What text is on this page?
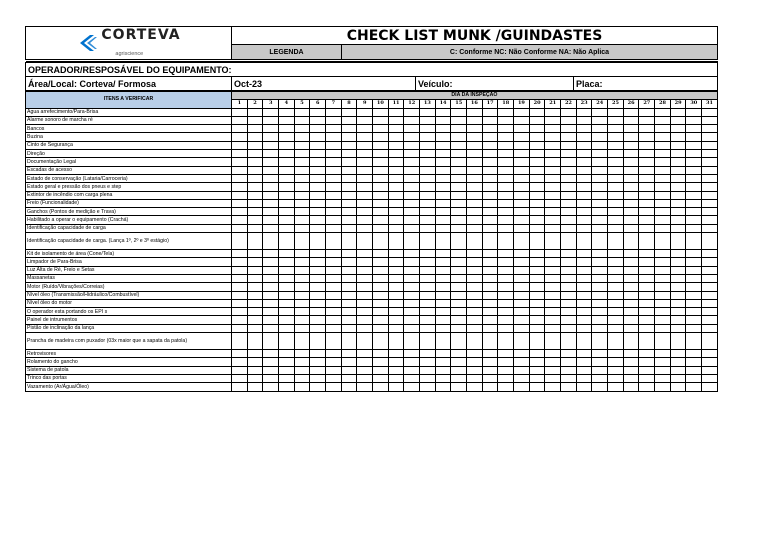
CORTEVA
agriscience	CHECK LIST MUNK /GUINDASTES	
	LEGENDA	C: Conforme NC: Não Conforme NA: Não Aplica

OPERADOR/RESPOSÁVEL DO EQUIPAMENTO:
Área/Local: Corteva/ Formosa	Oct-23	Veículo:	Placa:
ITENS A VERIFICAR	DIA DA INSPEÇÃO																														
	1	2	3	4	5	6	7	8	9	10	11	12	13	14	15	16	17	18	19	20	21	22	23	24	25	26	27	28	29	30	31
Água arrefecimento/Para-Brisa																															
Alarme sonoro de marcha ré																															
Bancos																															
Buzina																															
Cinto de Segurança																															
Direção																															
Documentação Legal																															
Escadas de acesso																															
Estado de conservação (Lataria/Carroceria)																															
Estado geral e pressão dos pneus e step																															
Extintor de incêndio com carga plena																															
Freio (Funcionalidade)																															
Ganchos (Pontos de medição e Trava)																															
Habilitado a operar o equipamento (Crachá)																															
Identificação capacidade de carga																															
Identificação capacidade de carga. (Lança 1º, 2º e 3º estágio)																															
Kit de isolamento de área (Cone/Tela)																															
Limpador de Para-Brisa																															
Luz Alta de Ré, Freio e Setas																															
Massanetas																															
Motor (Ruído/Vibrações/Correias)																															
Nível óleo (Transmissão/Hidráulico/Combustível)																															
Nível óleo do motor																															
O operador esta portando os EPI s																															
Painel de intrumentos																															
Pistão de inclinação da lança																															
Prancha de madeira com puxador (03x maior que a sapata da patola)																															
Retrovisores																															
Rolamento do gancho																															
Sistema de patola																															
Trinco das portas																															
Vazamento (Ar/Água/Óleo)																															
